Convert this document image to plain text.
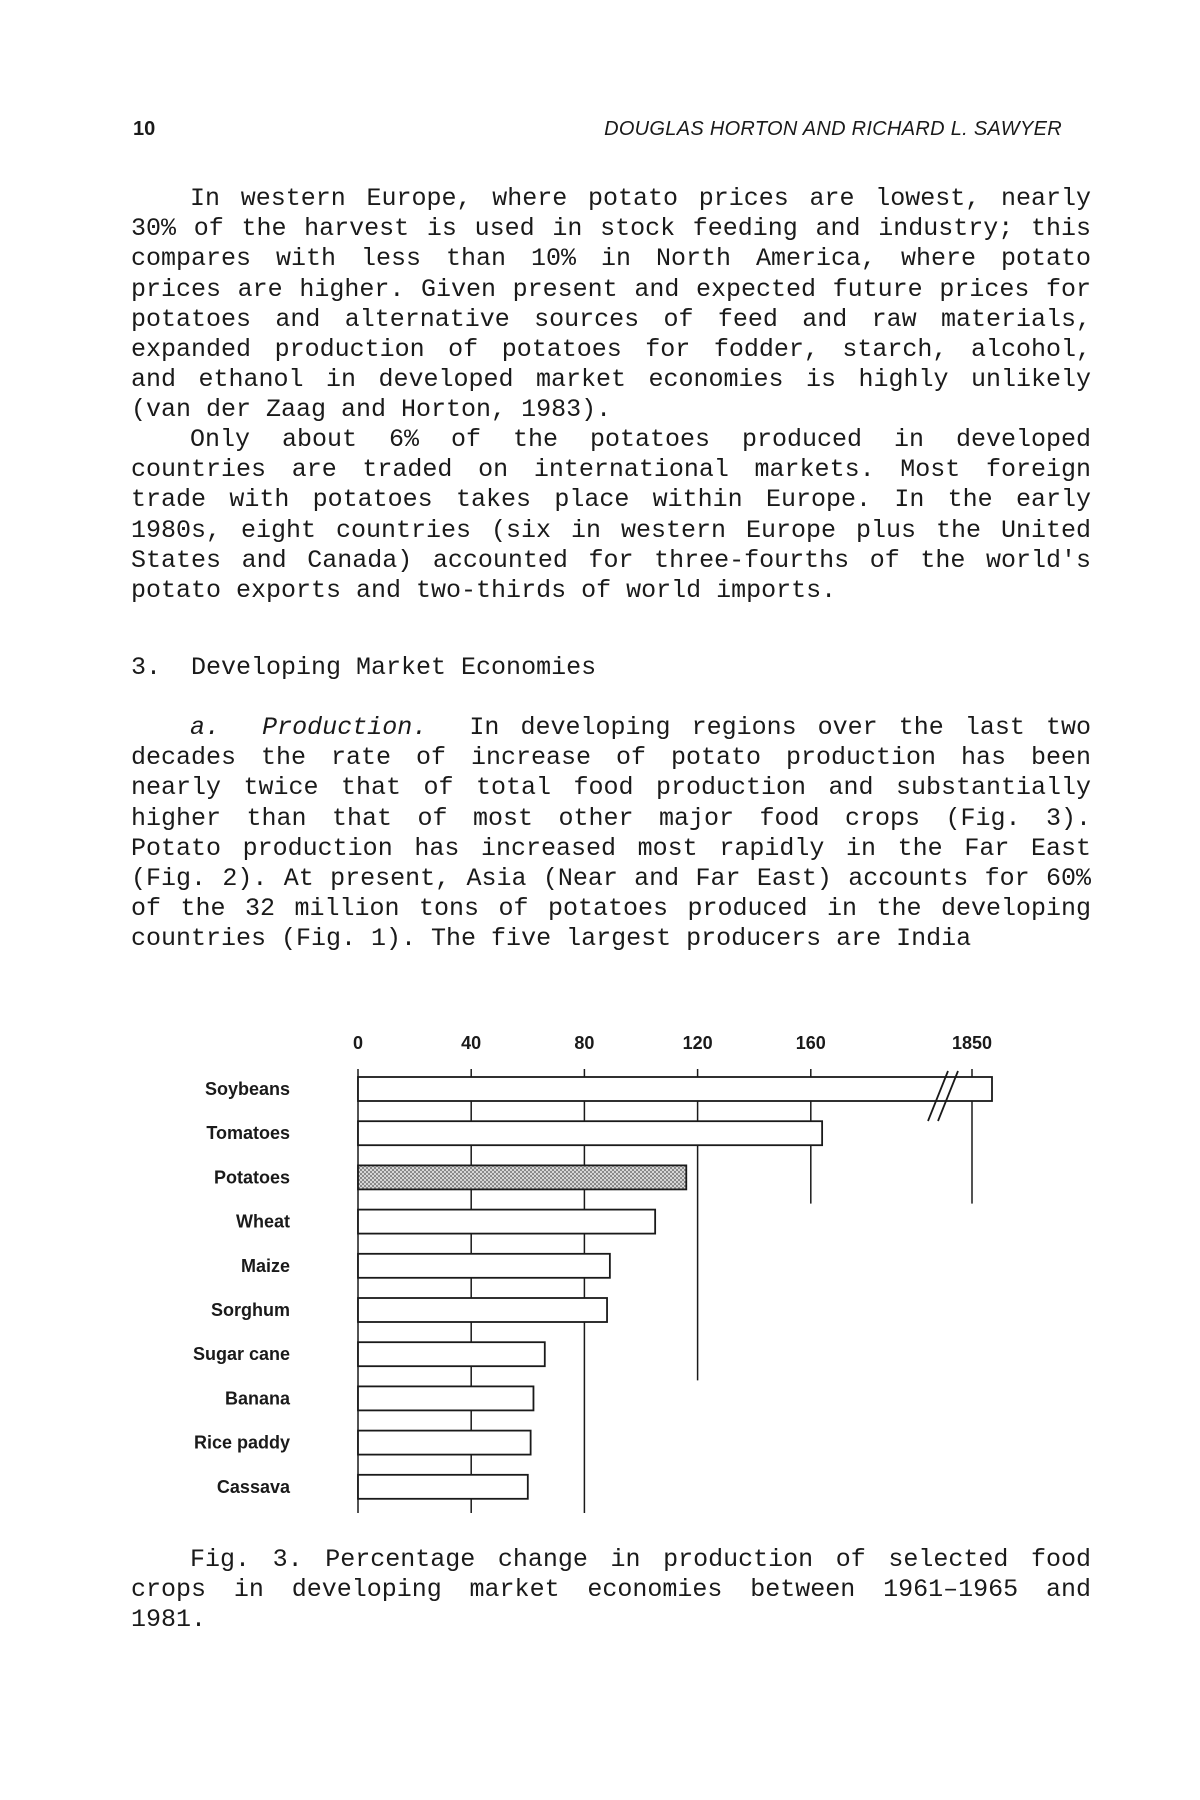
10	DOUGLAS HORTON AND RICHARD L. SAWYER

In western Europe, where potato prices are lowest, nearly 30% of the harvest is used in stock feeding and industry; this compares with less than 10% in North America, where potato prices are higher. Given present and expected future prices for potatoes and alternative sources of feed and raw materials, expanded production of potatoes for fodder, starch, alcohol, and ethanol in developed market economies is highly unlikely (van der Zaag and Horton, 1983).

Only about 6% of the potatoes produced in developed countries are traded on international markets. Most foreign trade with potatoes takes place within Europe. In the early 1980s, eight countries (six in western Europe plus the United States and Canada) accounted for three-fourths of the world's potato exports and two-thirds of world imports.

3.  Developing Market Economies

a.  Production. In developing regions over the last two decades the rate of increase of potato production has been nearly twice that of total food production and substantially higher than that of most other major food crops (Fig. 3). Potato production has increased most rapidly in the Far East (Fig. 2). At present, Asia (Near and Far East) accounts for 60% of the 32 million tons of potatoes produced in the developing countries (Fig. 1). The five largest producers are India

0	40	80	120	160	1850
Soybeans
Tomatoes
Potatoes
Wheat
Maize
Sorghum
Sugar cane
Banana
Rice paddy
Cassava

Fig. 3. Percentage change in production of selected food crops in developing market economies between 1961–1965 and 1981.
